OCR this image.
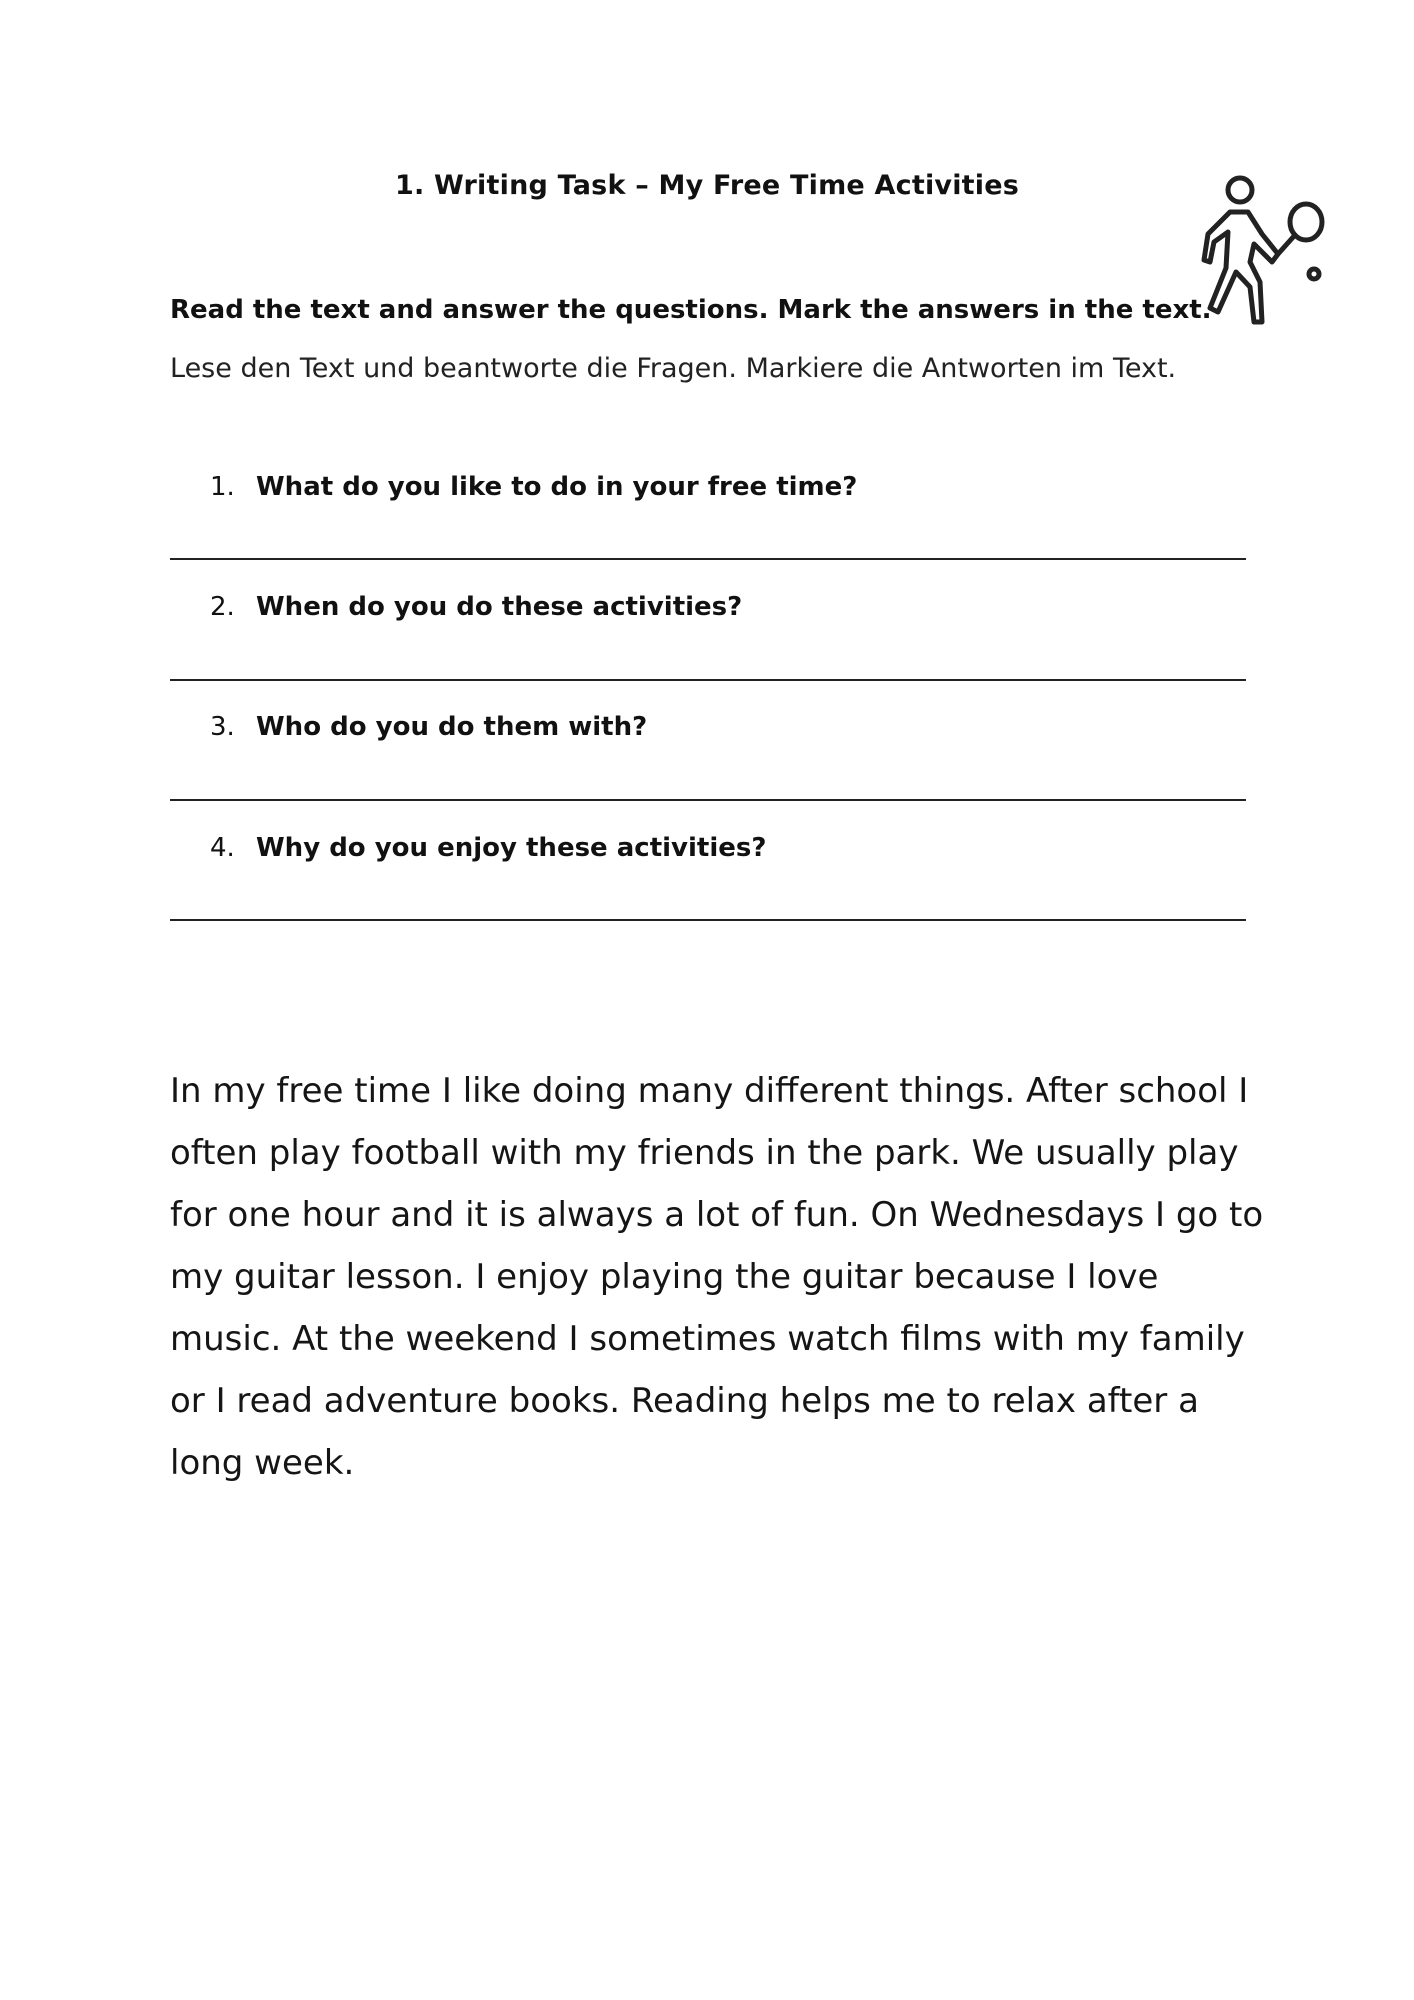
1. Writing Task – My Free Time Activities
Read the text and answer the questions. Mark the answers in the text.
Lese den Text und beantworte die Fragen. Markiere die Antworten im Text.
1. What do you like to do in your free time?
2. When do you do these activities?
3. Who do you do them with?
4. Why do you enjoy these activities?
In my free time I like doing many different things. After school I often play football with my friends in the park. We usually play for one hour and it is always a lot of fun. On Wednesdays I go to my guitar lesson. I enjoy playing the guitar because I love music. At the weekend I sometimes watch films with my family or I read adventure books. Reading helps me to relax after a long week.
